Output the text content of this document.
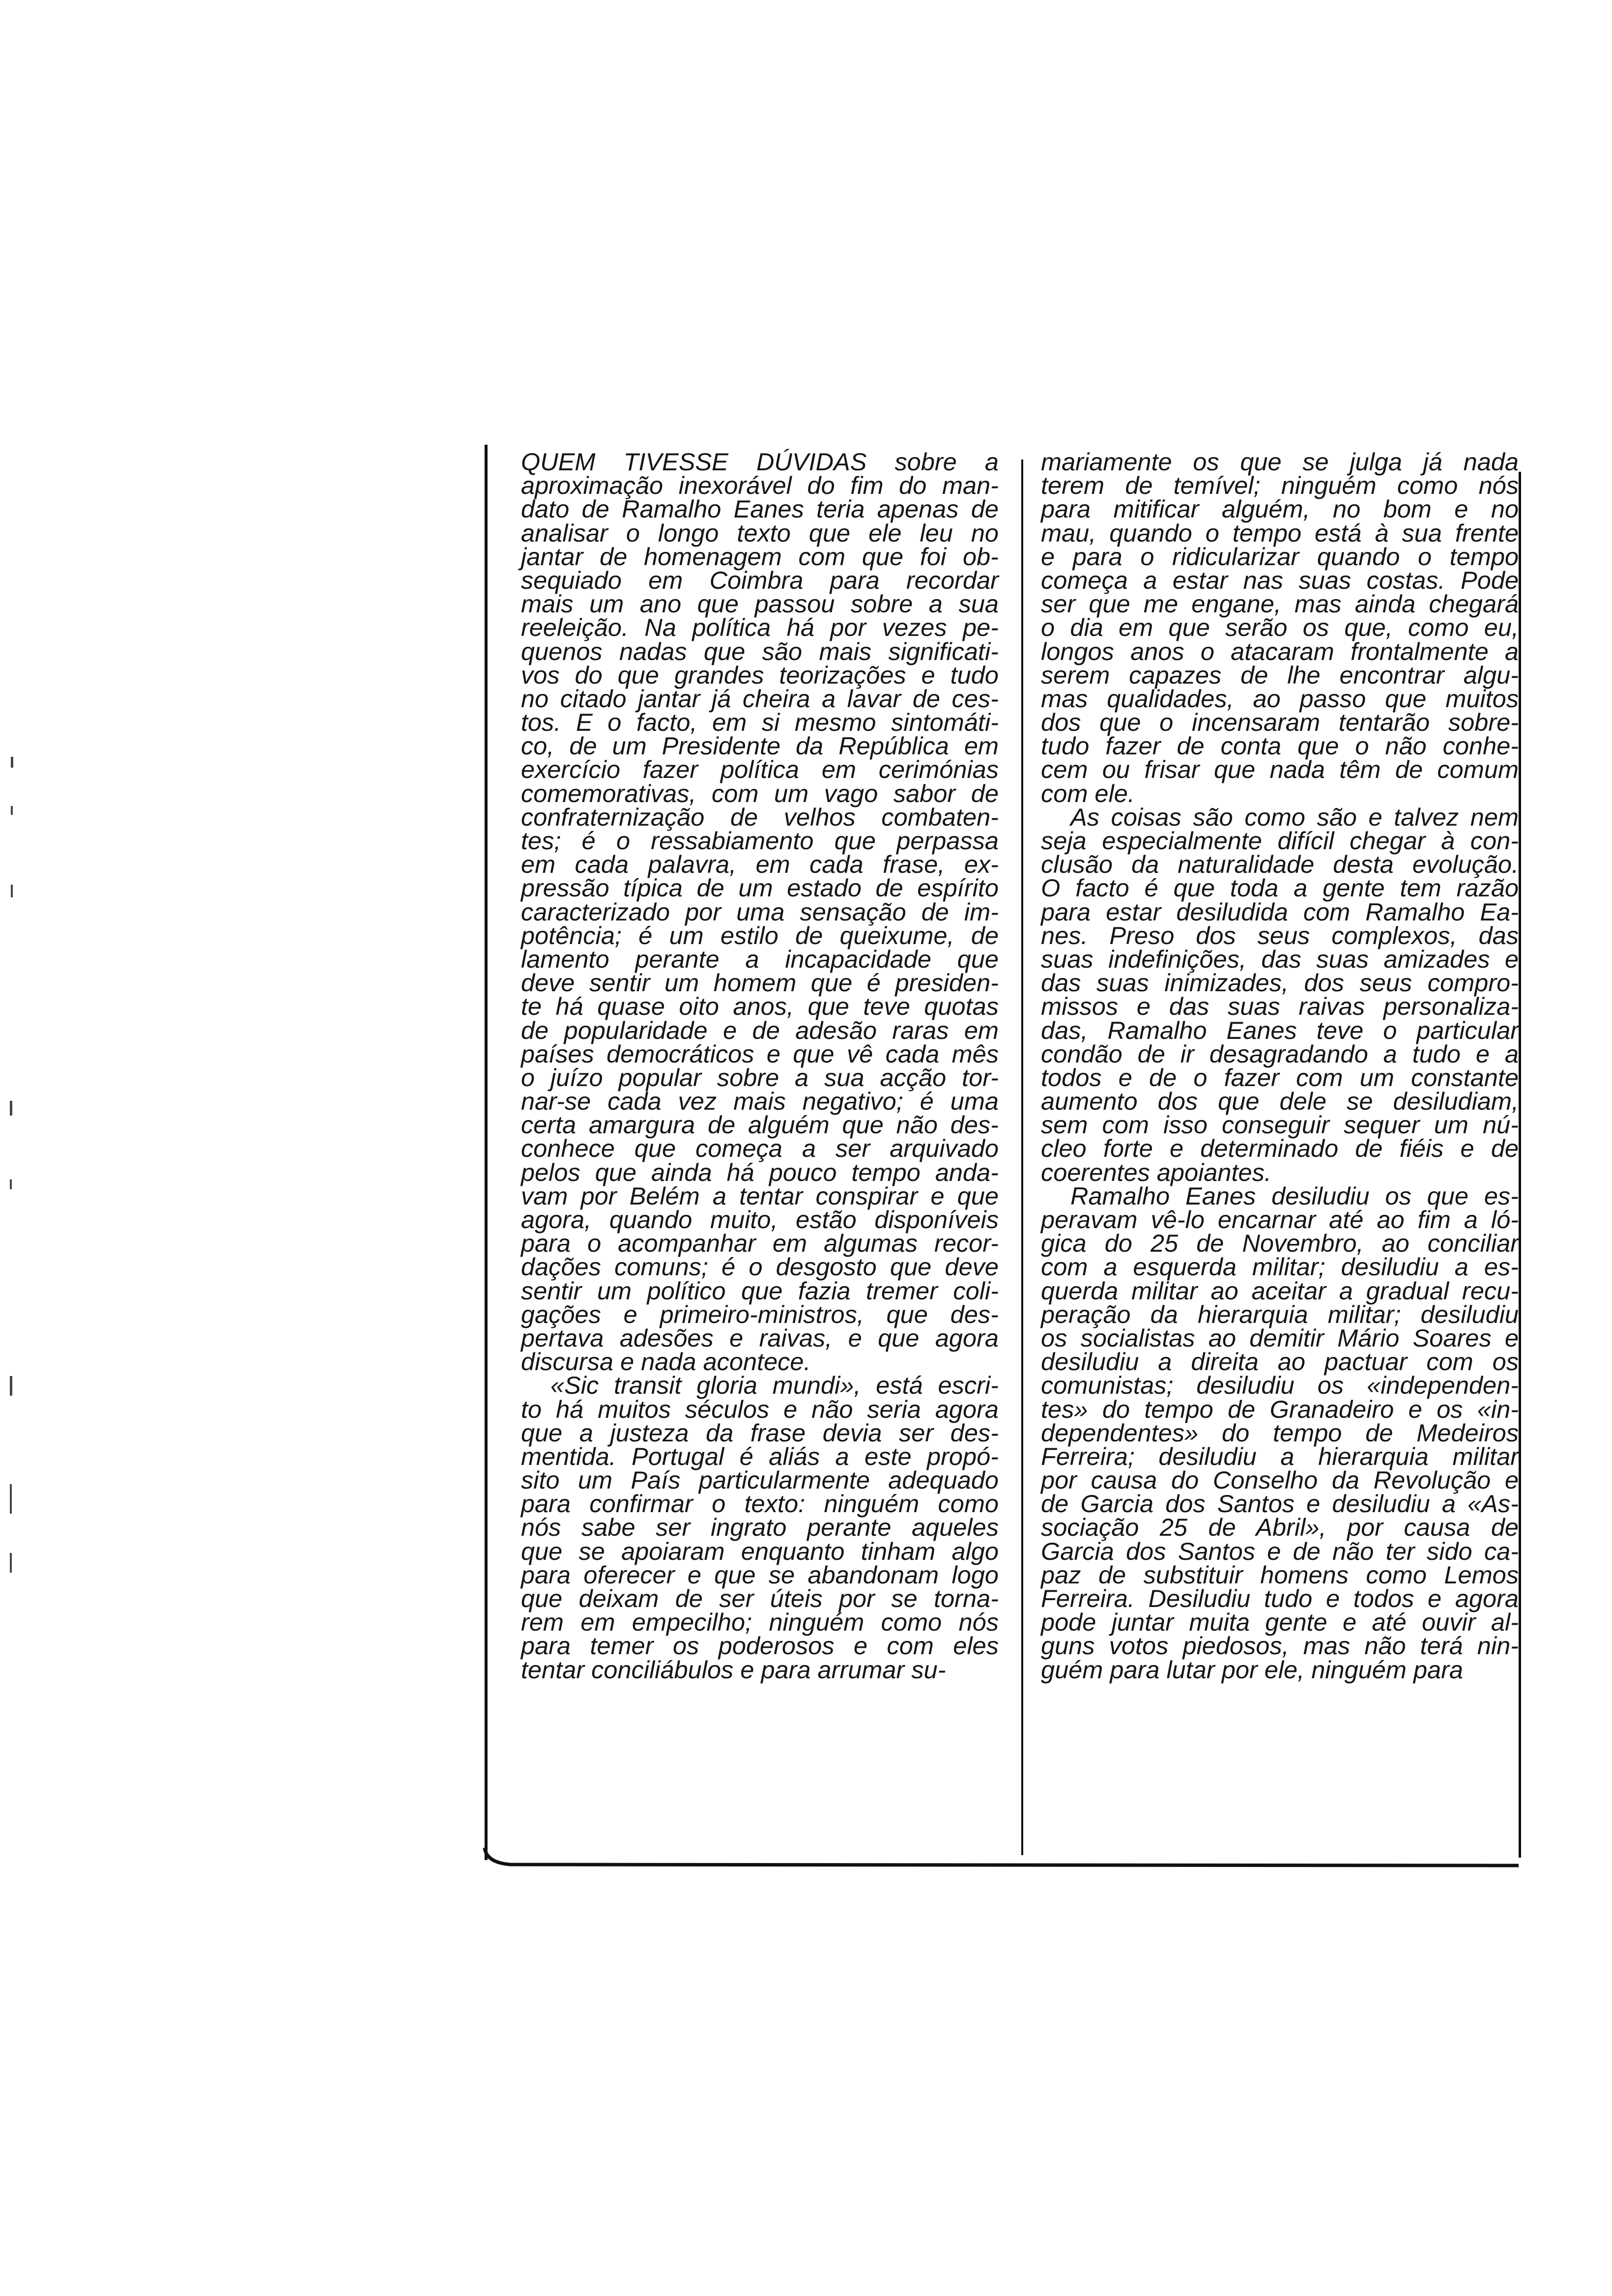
QUEM TIVESSE DÚVIDAS sobre a
aproximação inexorável do fim do man-
dato de Ramalho Eanes teria apenas de
analisar o longo texto que ele leu no
jantar de homenagem com que foi ob-
sequiado em Coimbra para recordar
mais um ano que passou sobre a sua
reeleição. Na política há por vezes pe-
quenos nadas que são mais significati-
vos do que grandes teorizações e tudo
no citado jantar já cheira a lavar de ces-
tos. E o facto, em si mesmo sintomáti-
co, de um Presidente da República em
exercício fazer política em cerimónias
comemorativas, com um vago sabor de
confraternização de velhos combaten-
tes; é o ressabiamento que perpassa
em cada palavra, em cada frase, ex-
pressão típica de um estado de espírito
caracterizado por uma sensação de im-
potência; é um estilo de queixume, de
lamento perante a incapacidade que
deve sentir um homem que é presiden-
te há quase oito anos, que teve quotas
de popularidade e de adesão raras em
países democráticos e que vê cada mês
o juízo popular sobre a sua acção tor-
nar-se cada vez mais negativo; é uma
certa amargura de alguém que não des-
conhece que começa a ser arquivado
pelos que ainda há pouco tempo anda-
vam por Belém a tentar conspirar e que
agora, quando muito, estão disponíveis
para o acompanhar em algumas recor-
dações comuns; é o desgosto que deve
sentir um político que fazia tremer coli-
gações e primeiro-ministros, que des-
pertava adesões e raivas, e que agora
discursa e nada acontece.
«Sic transit gloria mundi», está escri-
to há muitos séculos e não seria agora
que a justeza da frase devia ser des-
mentida. Portugal é aliás a este propó-
sito um País particularmente adequado
para confirmar o texto: ninguém como
nós sabe ser ingrato perante aqueles
que se apoiaram enquanto tinham algo
para oferecer e que se abandonam logo
que deixam de ser úteis por se torna-
rem em empecilho; ninguém como nós
para temer os poderosos e com eles
tentar conciliábulos e para arrumar su-
mariamente os que se julga já nada
terem de temível; ninguém como nós
para mitificar alguém, no bom e no
mau, quando o tempo está à sua frente
e para o ridicularizar quando o tempo
começa a estar nas suas costas. Pode
ser que me engane, mas ainda chegará
o dia em que serão os que, como eu,
longos anos o atacaram frontalmente a
serem capazes de lhe encontrar algu-
mas qualidades, ao passo que muitos
dos que o incensaram tentarão sobre-
tudo fazer de conta que o não conhe-
cem ou frisar que nada têm de comum
com ele.
As coisas são como são e talvez nem
seja especialmente difícil chegar à con-
clusão da naturalidade desta evolução.
O facto é que toda a gente tem razão
para estar desiludida com Ramalho Ea-
nes. Preso dos seus complexos, das
suas indefinições, das suas amizades e
das suas inimizades, dos seus compro-
missos e das suas raivas personaliza-
das, Ramalho Eanes teve o particular
condão de ir desagradando a tudo e a
todos e de o fazer com um constante
aumento dos que dele se desiludiam,
sem com isso conseguir sequer um nú-
cleo forte e determinado de fiéis e de
coerentes apoiantes.
Ramalho Eanes desiludiu os que es-
peravam vê-lo encarnar até ao fim a ló-
gica do 25 de Novembro, ao conciliar
com a esquerda militar; desiludiu a es-
querda militar ao aceitar a gradual recu-
peração da hierarquia militar; desiludiu
os socialistas ao demitir Mário Soares e
desiludiu a direita ao pactuar com os
comunistas; desiludiu os «independen-
tes» do tempo de Granadeiro e os «in-
dependentes» do tempo de Medeiros
Ferreira; desiludiu a hierarquia militar
por causa do Conselho da Revolução e
de Garcia dos Santos e desiludiu a «As-
sociação 25 de Abril», por causa de
Garcia dos Santos e de não ter sido ca-
paz de substituir homens como Lemos
Ferreira. Desiludiu tudo e todos e agora
pode juntar muita gente e até ouvir al-
guns votos piedosos, mas não terá nin-
guém para lutar por ele, ninguém para
